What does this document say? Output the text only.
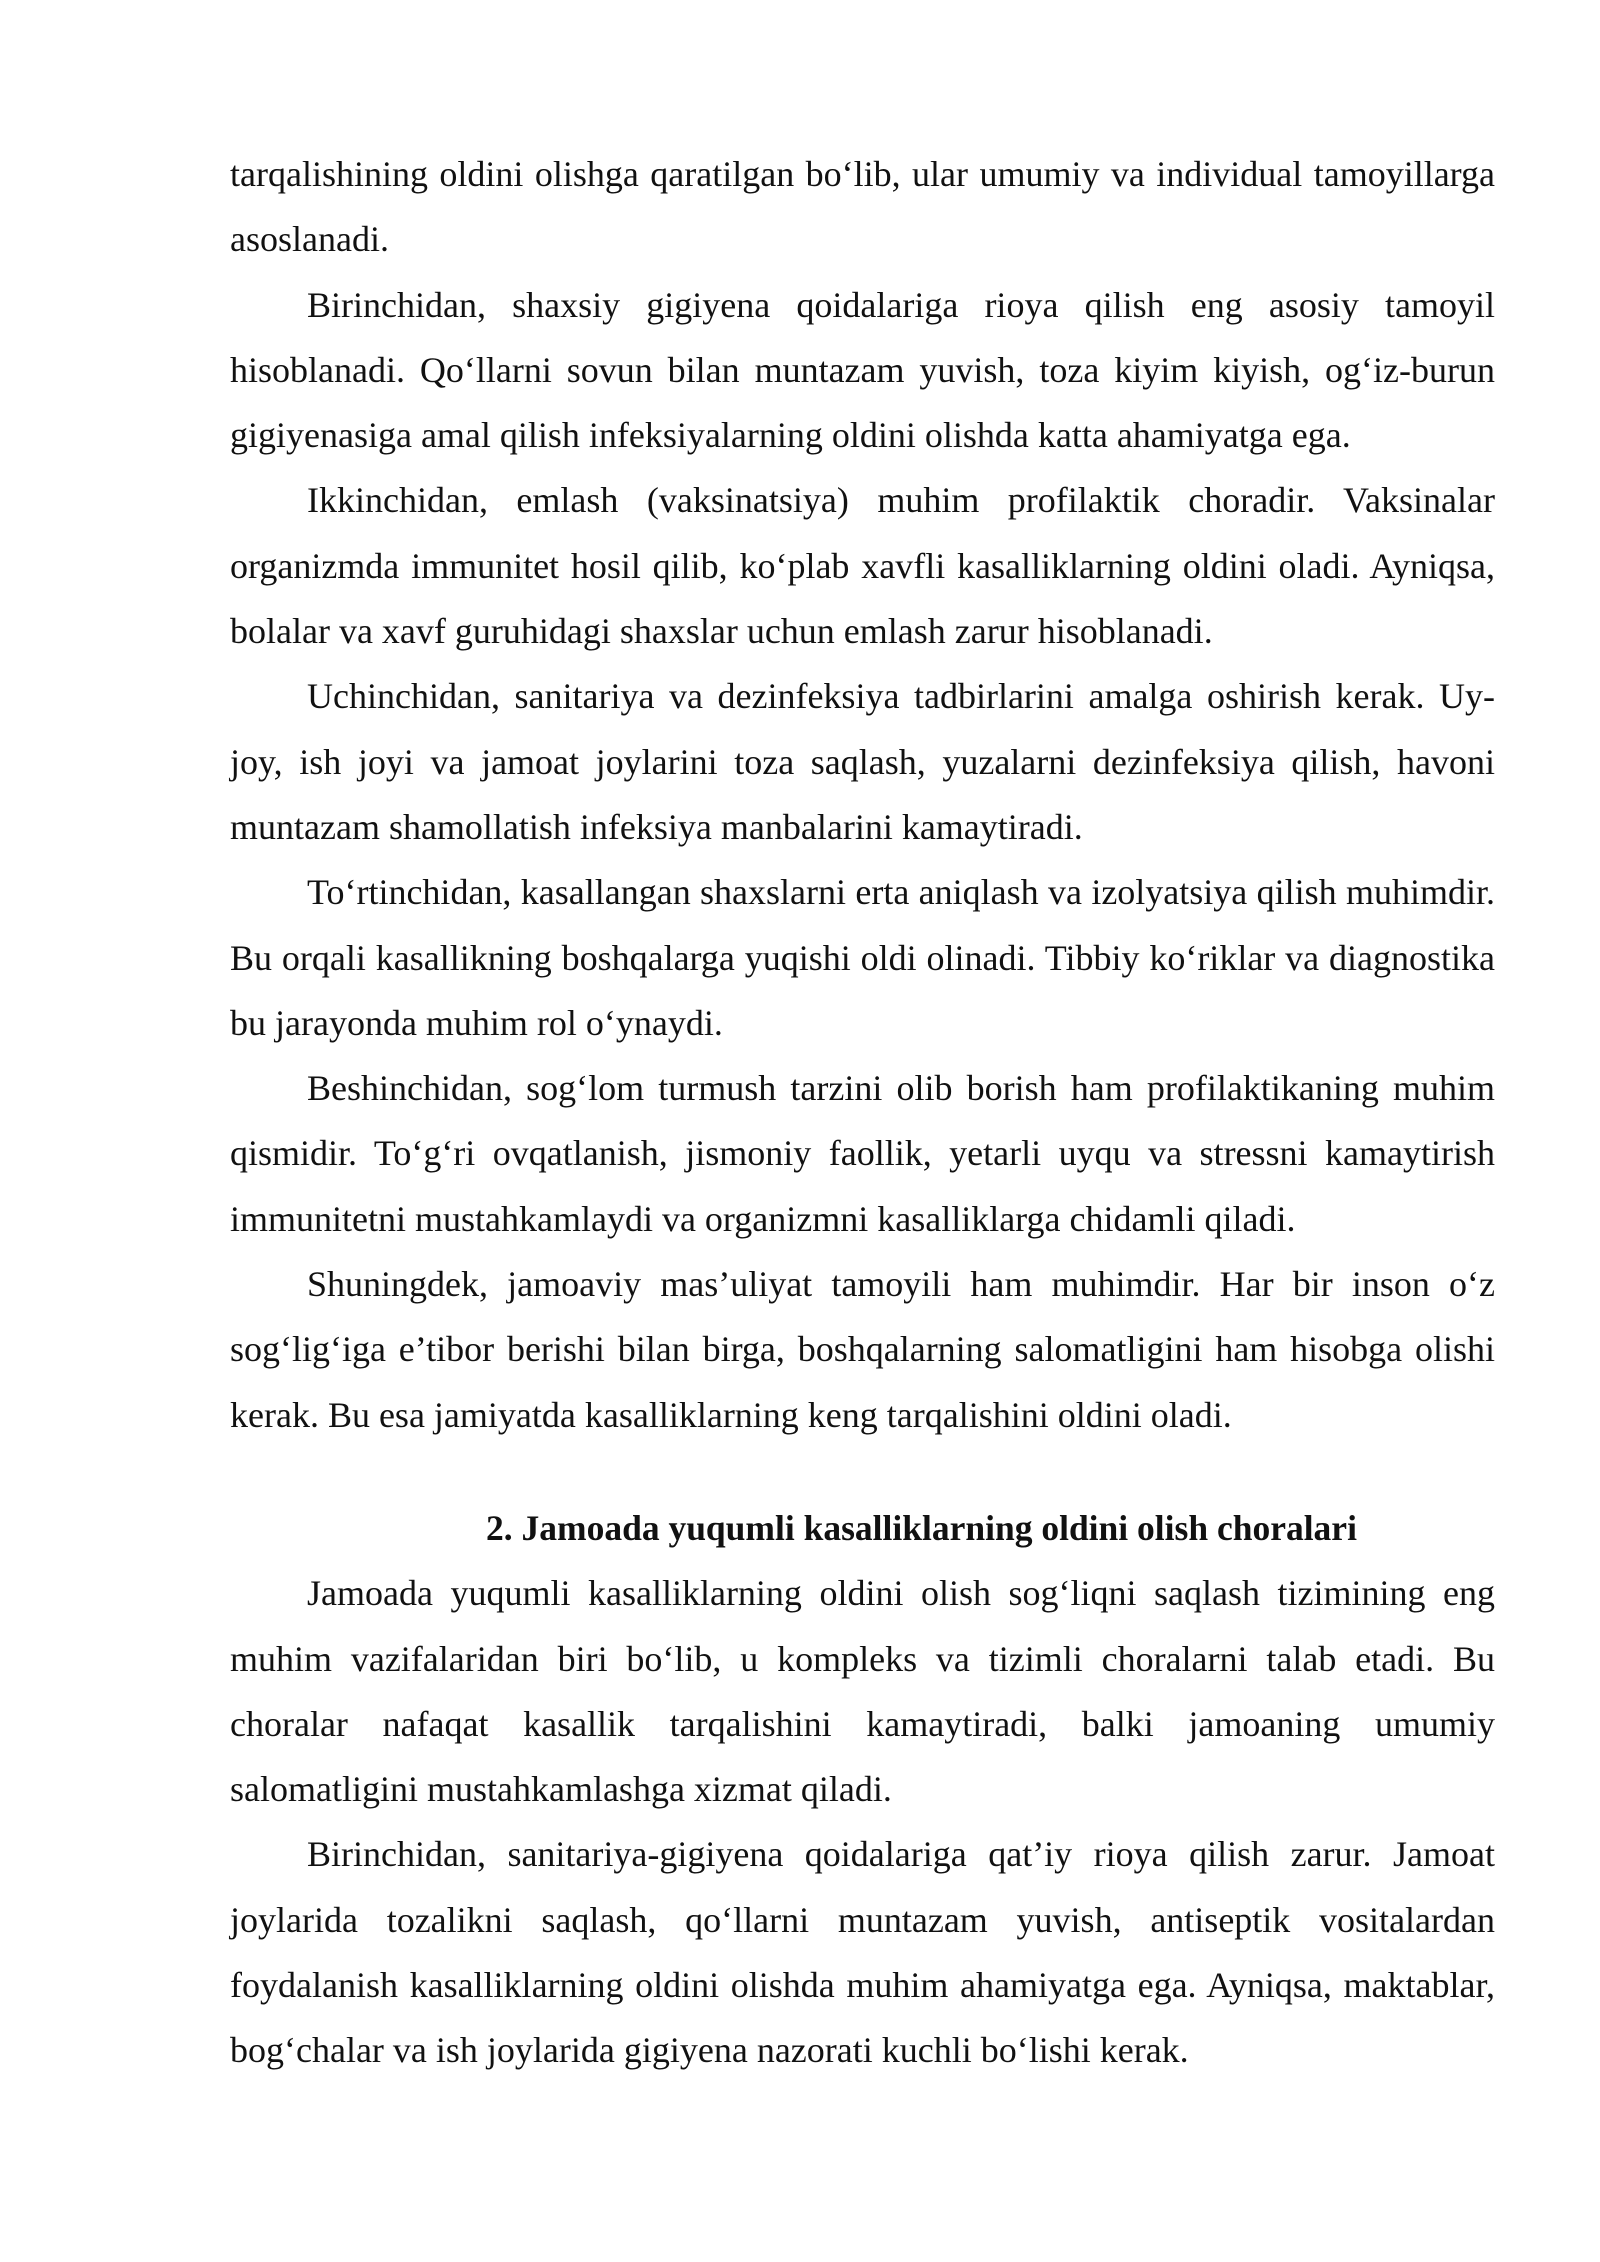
tarqalishining oldini olishga qaratilgan bo‘lib, ular umumiy va individual tamoyillarga asoslanadi.

Birinchidan, shaxsiy gigiyena qoidalariga rioya qilish eng asosiy tamoyil hisoblanadi. Qo‘llarni sovun bilan muntazam yuvish, toza kiyim kiyish, og‘iz-burun gigiyenasiga amal qilish infeksiyalarning oldini olishda katta ahamiyatga ega.

Ikkinchidan, emlash (vaksinatsiya) muhim profilaktik choradir. Vaksinalar organizmda immunitet hosil qilib, ko‘plab xavfli kasalliklarning oldini oladi. Ayniqsa, bolalar va xavf guruhidagi shaxslar uchun emlash zarur hisoblanadi.

Uchinchidan, sanitariya va dezinfeksiya tadbirlarini amalga oshirish kerak. Uy-joy, ish joyi va jamoat joylarini toza saqlash, yuzalarni dezinfeksiya qilish, havoni muntazam shamollatish infeksiya manbalarini kamaytiradi.

To‘rtinchidan, kasallangan shaxslarni erta aniqlash va izolyatsiya qilish muhimdir. Bu orqali kasallikning boshqalarga yuqishi oldi olinadi. Tibbiy ko‘riklar va diagnostika bu jarayonda muhim rol o‘ynaydi.

Beshinchidan, sog‘lom turmush tarzini olib borish ham profilaktikaning muhim qismidir. To‘g‘ri ovqatlanish, jismoniy faollik, yetarli uyqu va stressni kamaytirish immunitetni mustahkamlaydi va organizmni kasalliklarga chidamli qiladi.

Shuningdek, jamoaviy mas’uliyat tamoyili ham muhimdir. Har bir inson o‘z sog‘lig‘iga e’tibor berishi bilan birga, boshqalarning salomatligini ham hisobga olishi kerak. Bu esa jamiyatda kasalliklarning keng tarqalishini oldini oladi.

2. Jamoada yuqumli kasalliklarning oldini olish choralari

Jamoada yuqumli kasalliklarning oldini olish sog‘liqni saqlash tizimining eng muhim vazifalaridan biri bo‘lib, u kompleks va tizimli choralarni talab etadi. Bu choralar nafaqat kasallik tarqalishini kamaytiradi, balki jamoaning umumiy salomatligini mustahkamlashga xizmat qiladi.

Birinchidan, sanitariya-gigiyena qoidalariga qat’iy rioya qilish zarur. Jamoat joylarida tozalikni saqlash, qo‘llarni muntazam yuvish, antiseptik vositalardan foydalanish kasalliklarning oldini olishda muhim ahamiyatga ega. Ayniqsa, maktablar, bog‘chalar va ish joylarida gigiyena nazorati kuchli bo‘lishi kerak.
